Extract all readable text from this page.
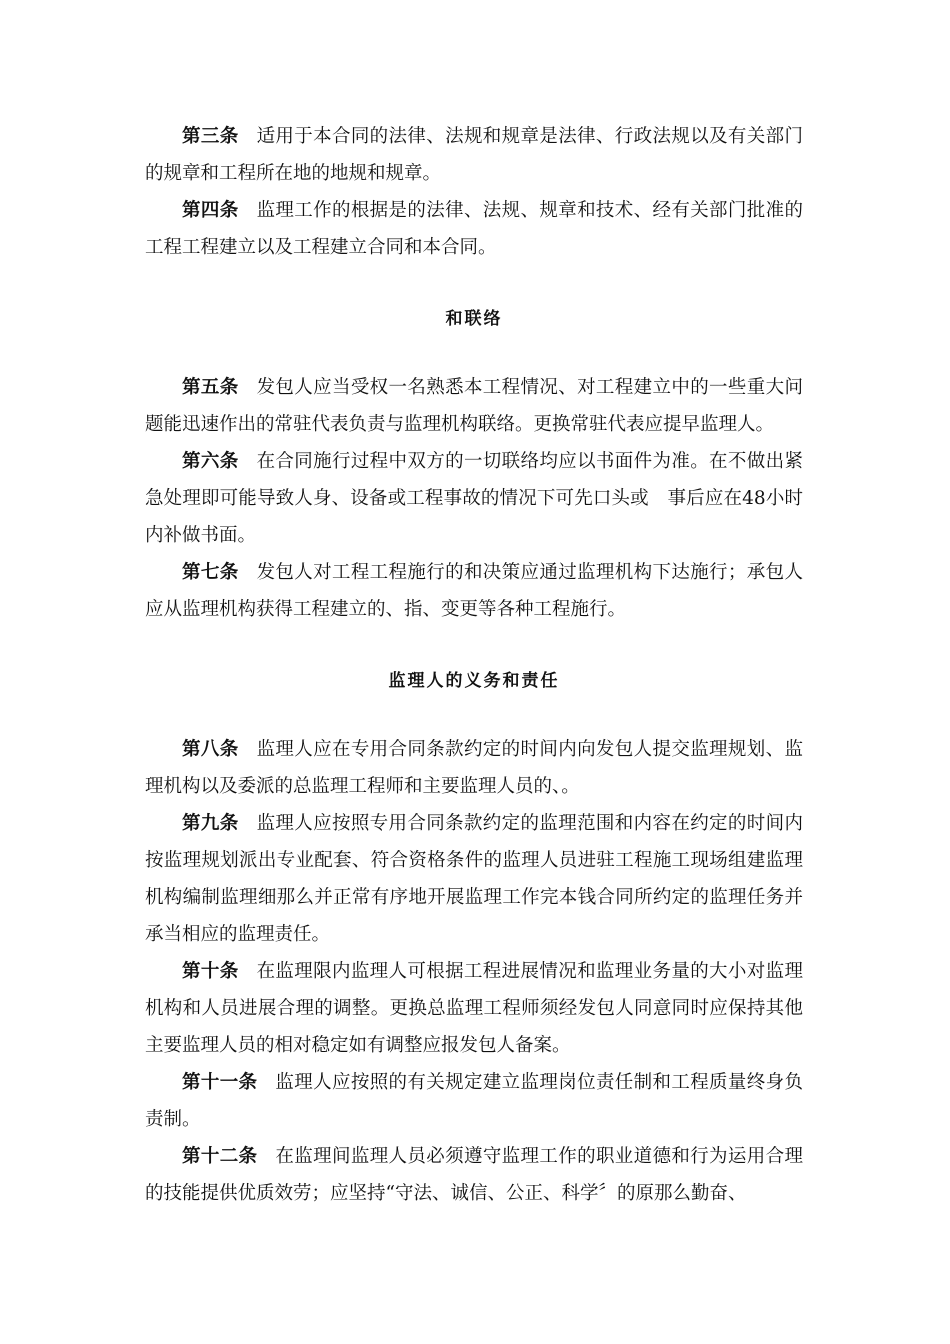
第三条 适用于本合同的法律、法规和规章是法律、行政法规以及有关部门的规章和工程所在地的地规和规章。

第四条 监理工作的根据是的法律、法规、规章和技术、经有关部门批准的工程工程建立以及工程建立合同和本合同。

和联络

第五条 发包人应当受权一名熟悉本工程情况、对工程建立中的一些重大问题能迅速作出的常驻代表负责与监理机构联络。更换常驻代表应提早监理人。

第六条 在合同施行过程中双方的一切联络均应以书面件为准。在不做出紧急处理即可能导致人身、设备或工程事故的情况下可先口头或　事后应在48小时内补做书面。

第七条 发包人对工程工程施行的和决策应通过监理机构下达施行；承包人应从监理机构获得工程建立的、指、变更等各种工程施行。

监理人的义务和责任

第八条 监理人应在专用合同条款约定的时间内向发包人提交监理规划、监理机构以及委派的总监理工程师和主要监理人员的、。

第九条 监理人应按照专用合同条款约定的监理范围和内容在约定的时间内按监理规划派出专业配套、符合资格条件的监理人员进驻工程施工现场组建监理机构编制监理细那么并正常有序地开展监理工作完本钱合同所约定的监理任务并承当相应的监理责任。

第十条 在监理限内监理人可根据工程进展情况和监理业务量的大小对监理机构和人员进展合理的调整。更换总监理工程师须经发包人同意同时应保持其他主要监理人员的相对稳定如有调整应报发包人备案。

第十一条 监理人应按照的有关规定建立监理岗位责任制和工程质量终身负责制。

第十二条 在监理间监理人员必须遵守监理工作的职业道德和行为运用合理的技能提供优质效劳；应坚持“守法、诚信、公正、科学〞的原那么勤奋、
